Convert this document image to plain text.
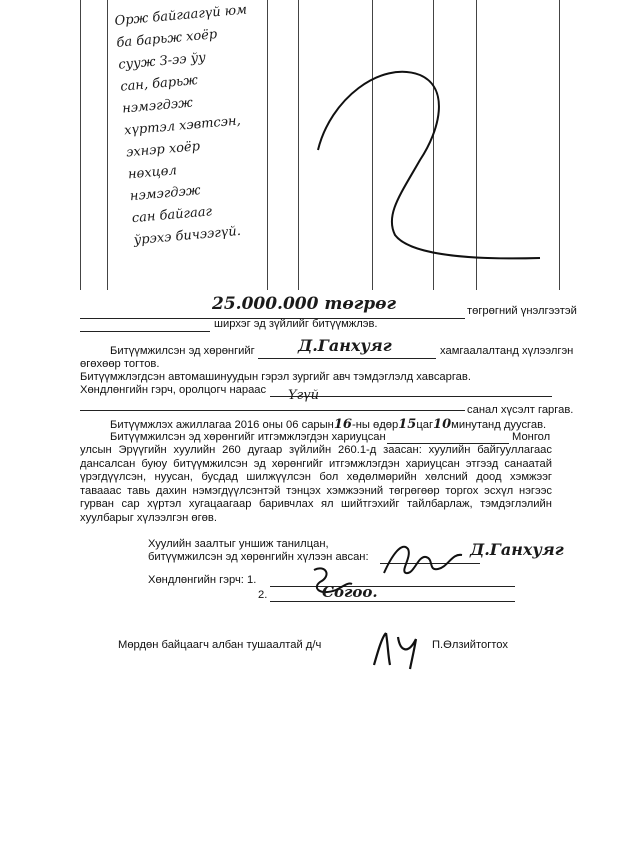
Орж байгаагүй юм
ба барьж хоёр
сууж З-ээ ўу
сан, барьж
нэмэгдэж
хүртэл хэвтсэн,
эхнэр хоёр
нөхцөл
нэмэгдэж
сан байгааг
ўрэхэ бичээгүй.
25.000.000 төгрөг	төгрөгний үнэлгээтэй
ширхэг эд зүйлийг битүүмжлэв.
Битүүмжилсэн эд хөрөнгийг	Д.Ганхуяг	хамгаалалтанд хүлээлгэн
өгөхөөр тогтов.
Битүүмжлэгдсэн автомашинуудын гэрэл зургийг авч тэмдэглэлд хавсаргав.
Хөндлөнгийн гэрч, оролцогч нараас Үгүй
санал хүсэлт гаргав.
Битүүмжлэх ажиллагаа 2016 оны 06 сарын16-ны өдөр15цаг10минутанд дуусгав.
Битүүмжилсэн эд хөрөнгийг итгэмжлэгдэн хариуцсан	Монгол
улсын Эрүүгийн хуулийн 260 дугаар зүйлийн 260.1-д заасан: хуулийн байгууллагаас дансалсан буюу битүүмжилсэн эд хөрөнгийг итгэмжлэгдэн хариуцсан этгээд санаатай үрэгдүүлсэн, нуусан, бусдад шилжүүлсэн бол хөдөлмөрийн хөлсний доод хэмжээг тавааас тавь дахин нэмэгдүүлсэнтэй тэнцэх хэмжээний төгрөгөөр торгох эсхүл нэгээс гурван сар хүртэл хугацаагаар баривчлах ял шийтгэхийг тайлбарлаж, тэмдэглэлийн хуулбарыг хүлээлгэн өгөв.
Хуулийн заалтыг уншиж танилцан,
битүүмжилсэн эд хөрөнгийн хүлээн авсан:	Д.Ганхуяг
Хөндлөнгийн гэрч: 1.
2.	Согоо.
Мөрдөн байцаагч албан тушаалтай д/ч	П.Өлзийтогтох
